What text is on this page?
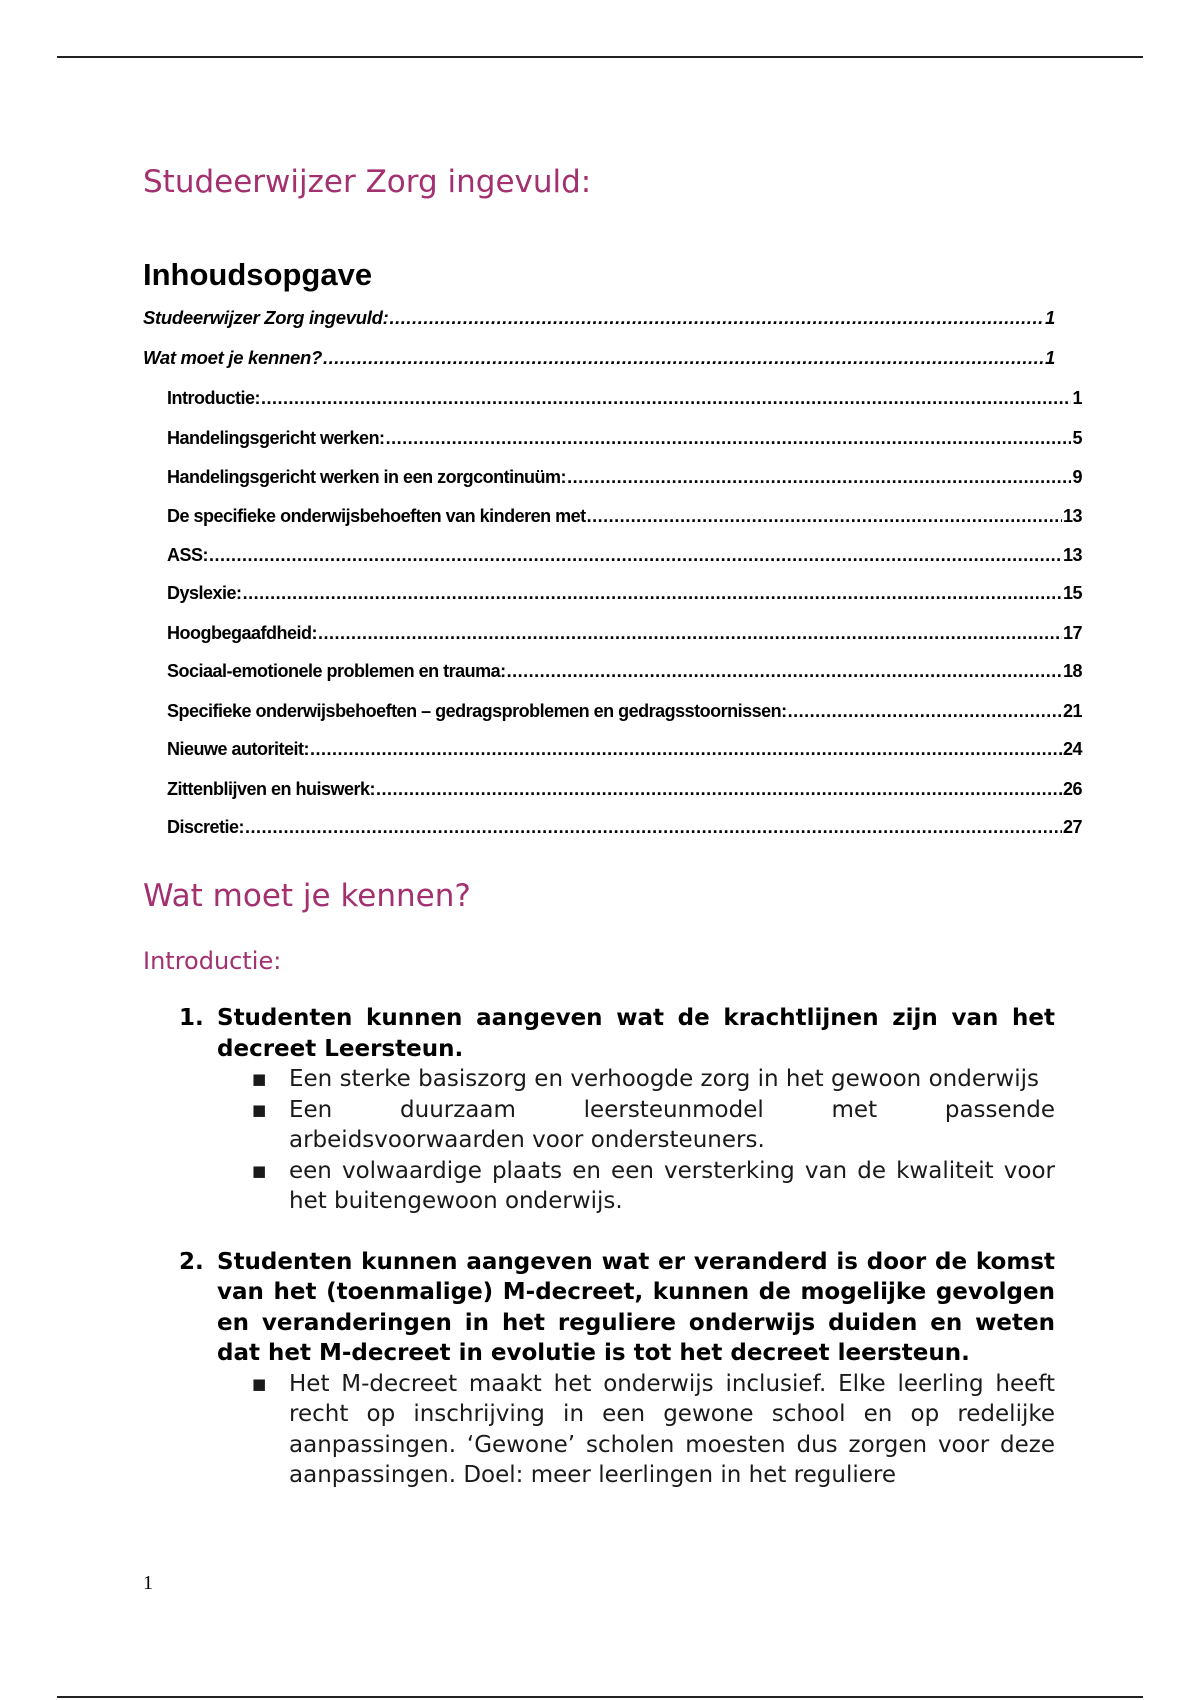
Studeerwijzer Zorg ingevuld:
Inhoudsopgave
Studeerwijzer Zorg ingevuld: .....	1
Wat moet je kennen? .....	1
Introductie: .....	1
Handelingsgericht werken: .....	5
Handelingsgericht werken in een zorgcontinuüm: .....	9
De specifieke onderwijsbehoeften van kinderen met .....	13
ASS: .....	13
Dyslexie: .....	15
Hoogbegaafdheid: .....	17
Sociaal-emotionele problemen en trauma: .....	18
Specifieke onderwijsbehoeften – gedragsproblemen en gedragsstoornissen: .....	21
Nieuwe autoriteit: .....	24
Zittenblijven en huiswerk: .....	26
Discretie: .....	27
Wat moet je kennen?
Introductie:
1. Studenten kunnen aangeven wat de krachtlijnen zijn van het decreet Leersteun.
■ Een sterke basiszorg en verhoogde zorg in het gewoon onderwijs
■ Een duurzaam leersteunmodel met passende arbeidsvoorwaarden voor ondersteuners.
■ een volwaardige plaats en een versterking van de kwaliteit voor het buitengewoon onderwijs.
2. Studenten kunnen aangeven wat er veranderd is door de komst van het (toenmalige) M-decreet, kunnen de mogelijke gevolgen en veranderingen in het reguliere onderwijs duiden en weten dat het M-decreet in evolutie is tot het decreet leersteun.
■ Het M-decreet maakt het onderwijs inclusief. Elke leerling heeft recht op inschrijving in een gewone school en op redelijke aanpassingen. ‘Gewone’ scholen moesten dus zorgen voor deze aanpassingen. Doel: meer leerlingen in het reguliere

1
